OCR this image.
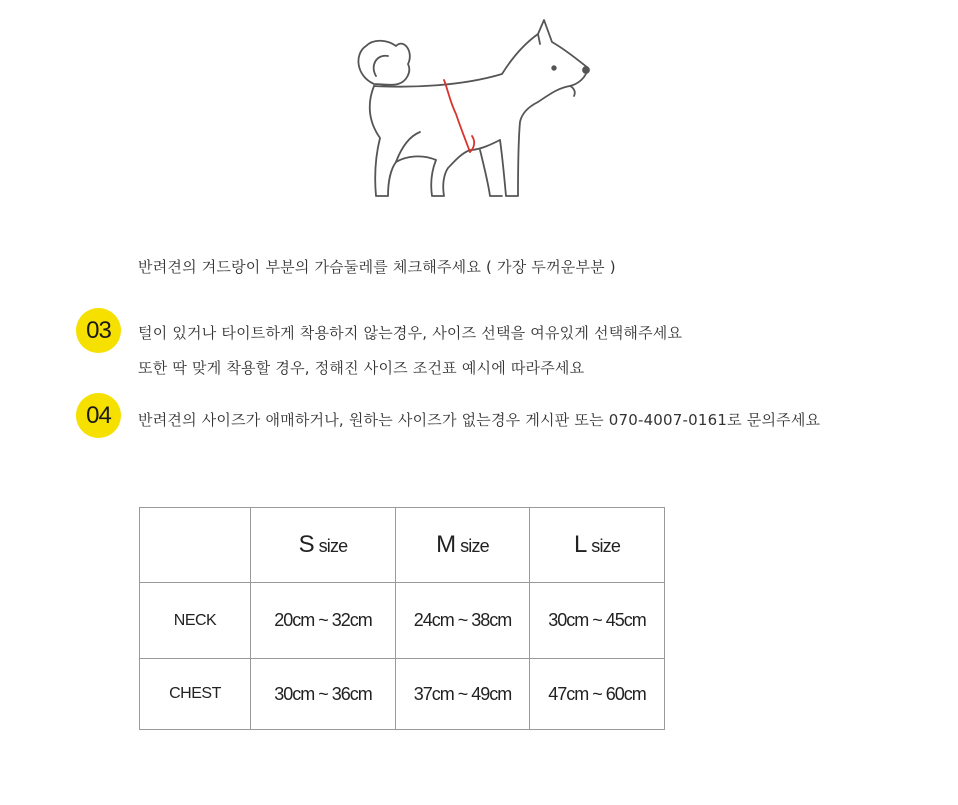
반려견의 겨드랑이 부분의 가슴둘레를 체크해주세요 ( 가장 두꺼운부분 )
03	털이 있거나 타이트하게 착용하지 않는경우, 사이즈 선택을 여유있게 선택해주세요
또한 딱 맞게 착용할 경우, 정해진 사이즈 조건표 예시에 따라주세요
04	반려견의 사이즈가 애매하거나, 원하는 사이즈가 없는경우 게시판 또는 070-4007-0161로 문의주세요
	S size	M size	L size
NECK	20cm ~ 32cm	24cm ~ 38cm	30cm ~ 45cm
CHEST	30cm ~ 36cm	37cm ~ 49cm	47cm ~ 60cm
